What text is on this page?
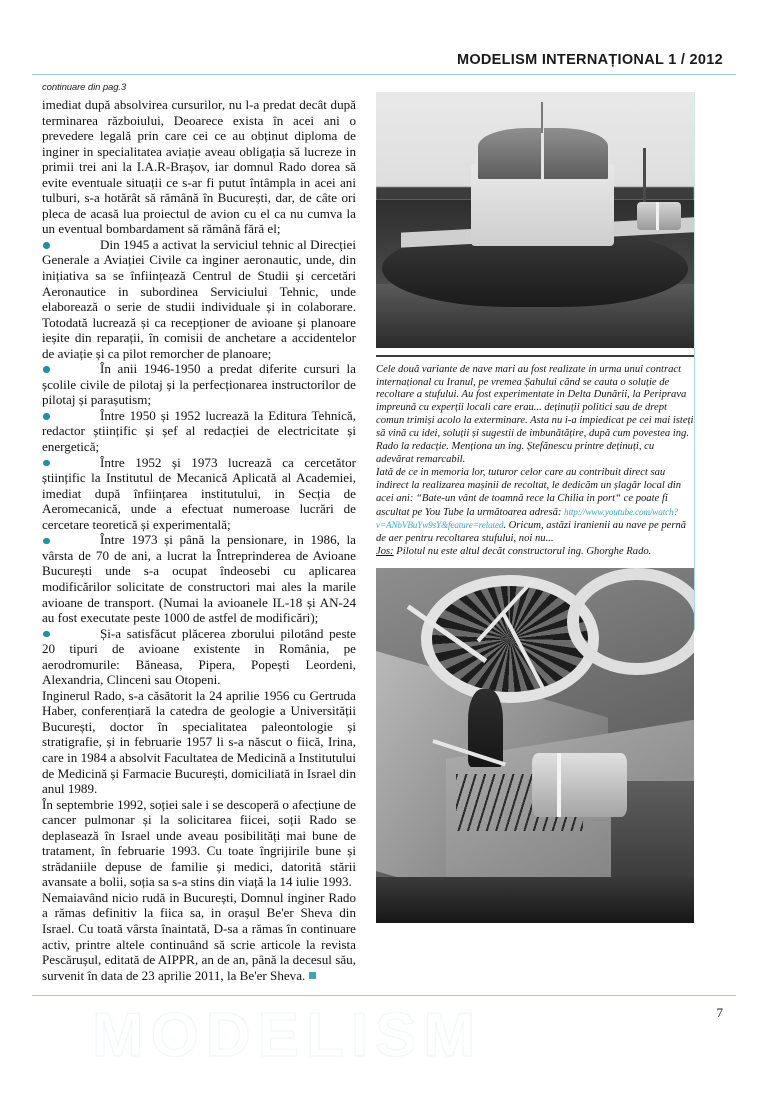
MODELISM INTERNAȚIONAL 1 / 2012
continuare din pag.3

imediat după absolvirea cursurilor, nu l-a predat decât după terminarea războiului, Deoarece exista în acei ani o prevedere legală prin care cei ce au obținut diploma de inginer in specialitatea aviație aveau obligația să lucreze in primii trei ani la I.A.R-Brașov, iar domnul Rado dorea să evite eventuale situații ce s-ar fi putut întâmpla in acei ani tulburi, s-a hotărât să rămână în București, dar, de câte ori pleca de acasă lua proiectul de avion cu el ca nu cumva la un eventual bombardament să rămână fără el;

Din 1945 a activat la serviciul tehnic al Direcției Generale a Aviației Civile ca inginer aeronautic, unde, din inițiativa sa se înființează Centrul de Studii și cercetări Aeronautice in subordinea Serviciului Tehnic, unde elaborează o serie de studii individuale și in colaborare. Totodată lucrează și ca recepționer de avioane și planoare ieșite din reparații, în comisii de anchetare a accidentelor de aviație și ca pilot remorcher de planoare;

În anii 1946-1950 a predat diferite cursuri la școlile civile de pilotaj și la perfecționarea instructorilor de pilotaj și parașutism;

Între 1950 și 1952 lucrează la Editura Tehnică, redactor științific și șef al redacției de electricitate și energetică;

Între 1952 și 1973 lucrează ca cercetător științific la Institutul de Mecanică Aplicată al Academiei, imediat după înființarea institutului, in Secția de Aeromecanică, unde a efectuat numeroase lucrări de cercetare teoretică și experimentală;

Între 1973 și până la pensionare, in 1986, la vârsta de 70 de ani, a lucrat la Întreprinderea de Avioane București unde s-a ocupat îndeosebi cu aplicarea modificărilor solicitate de constructori mai ales la marile avioane de transport. (Numai la avioanele IL-18 și AN-24 au fost executate peste 1000 de astfel de modificări);

Și-a satisfăcut plăcerea zborului pilotând peste 20 tipuri de avioane existente in România, pe aerodromurile: Băneasa, Pipera, Popești Leordeni, Alexandria, Clinceni sau Otopeni.

Inginerul Rado, s-a căsătorit la 24 aprilie 1956 cu Gertruda Haber, conferențiară la catedra de geologie a Universității București, doctor în specialitatea paleontologie și stratigrafie, și in februarie 1957 li s-a născut o fiică, Irina, care in 1984 a absolvit Facultatea de Medicină a Institutului de Medicină și Farmacie București, domiciliată in Israel din anul 1989.

În septembrie 1992, soției sale i se descoperă o afecțiune de cancer pulmonar și la solicitarea fiicei, soții Rado se deplasează în Israel unde aveau posibilități mai bune de tratament, în februarie 1993. Cu toate îngrijirile bune și strădaniile depuse de familie și medici, datorită stării avansate a bolii, soția sa s-a stins din viață la 14 iulie 1993.

Nemaiavând nicio rudă in București, Domnul inginer Rado a rămas definitiv la fiica sa, in orașul Be'er Sheva din Israel. Cu toată vârsta înaintată, D-sa a rămas în continuare activ, printre altele continuând să scrie articole la revista Pescărușul, editată de AIPPR, an de an, până la decesul său, survenit în data de 23 aprilie 2011, la Be'er Sheva.

Cele două variante de nave mari au fost realizate in urma unui contract internațional cu Iranul, pe vremea Șahului cănd se cauta o soluție de recoltare a stufului. Au fost experimentate in Delta Dunării, la Periprava impreună cu experții locali care erau... deținuții politici sau de drept comun trimiși acolo la exterminare. Asta nu i-a impiedicat pe cei mai isteți să vină cu idei, soluții și sugestii de imbunătățire, după cum povestea ing. Rado la redacție. Menționa un ing. Ștefănescu printre deținuți, cu adevărat remarcabil.

Iată de ce in memoria lor, tuturor celor care au contribuit direct sau indirect la realizarea mașinii de recoltat, le dedicăm un șlagăr local din acei ani: “Bate-un vânt de toamnă rece la Chilia in port“ ce poate fi ascultat pe You Tube la următoarea adresă: http://www.youtube.com/watch?v=ANbVBuYw9sY&feature=related. Oricum, astăzi iranienii au nave pe pernă de aer pentru recoltarea stufului, noi nu...

Jos: Pilotul nu este altul decăt constructorul ing. Ghorghe Rado.

MODELISM	7
